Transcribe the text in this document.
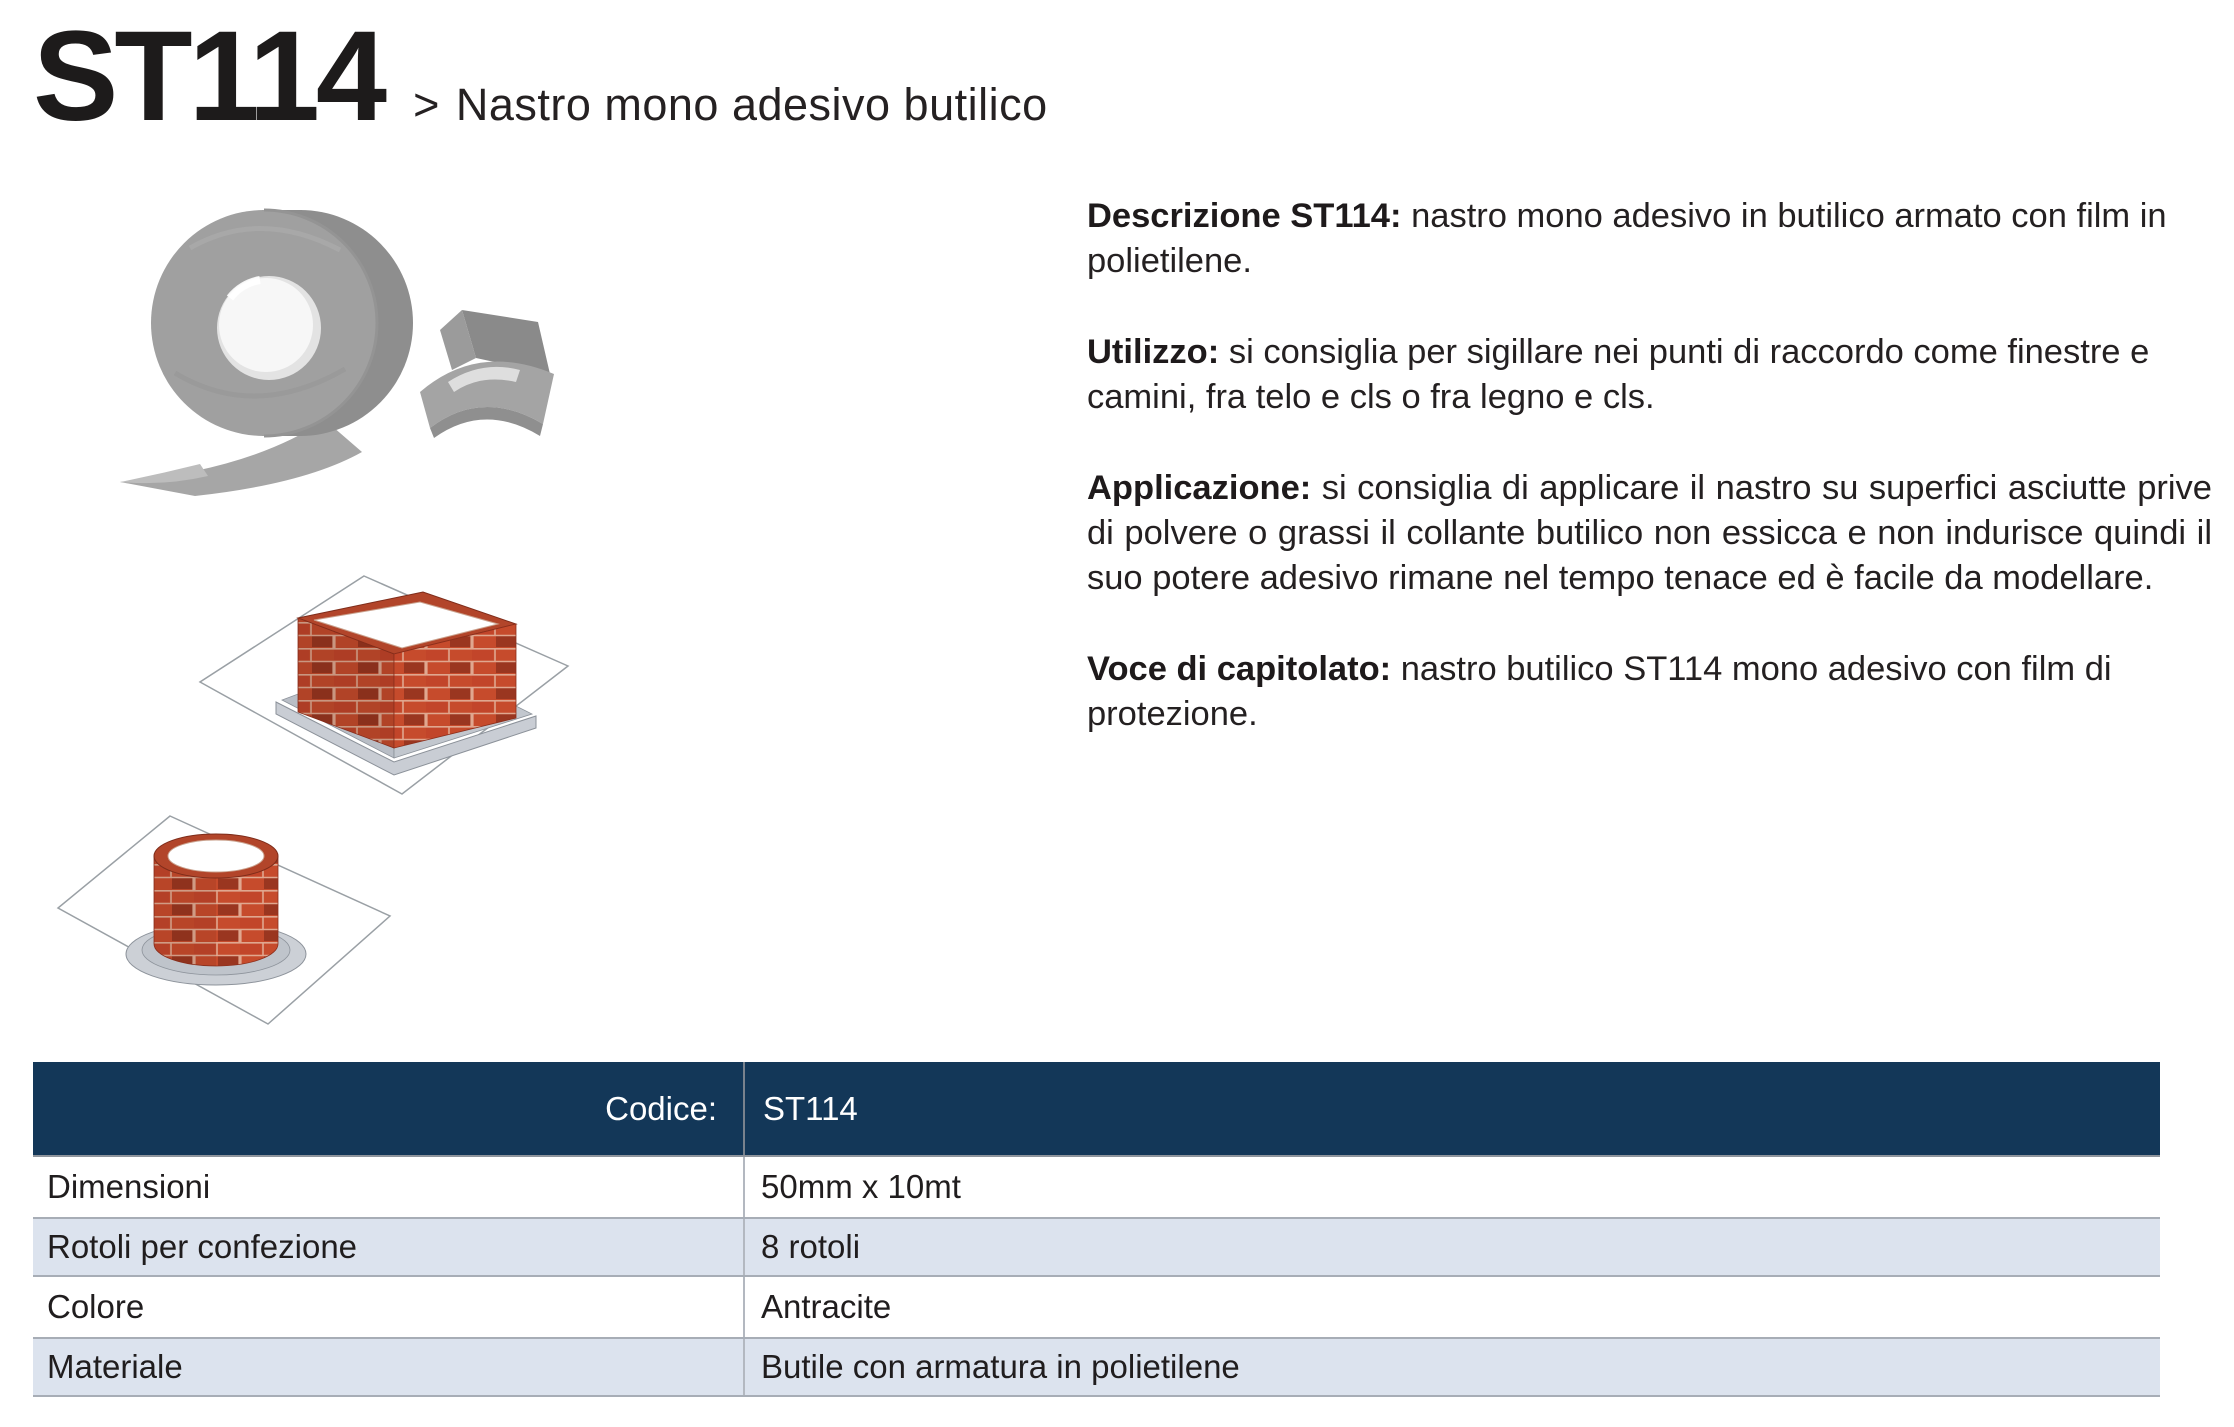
ST114 > Nastro mono adesivo butilico

Descrizione ST114: nastro mono adesivo in butilico armato con film in polietilene.

Utilizzo: si consiglia per sigillare nei punti di raccordo come finestre e camini, fra telo e cls o fra legno e cls.

Applicazione: si consiglia di applicare il nastro su superfici asciutte prive di polvere o grassi il collante butilico non essicca e non indurisce quindi il suo potere adesivo rimane nel tempo tenace ed è facile da modellare.

Voce di capitolato: nastro butilico ST114 mono adesivo con film di protezione.

Codice:	ST114
Dimensioni	50mm x 10mt
Rotoli per confezione	8 rotoli
Colore	Antracite
Materiale	Butile con armatura in polietilene
